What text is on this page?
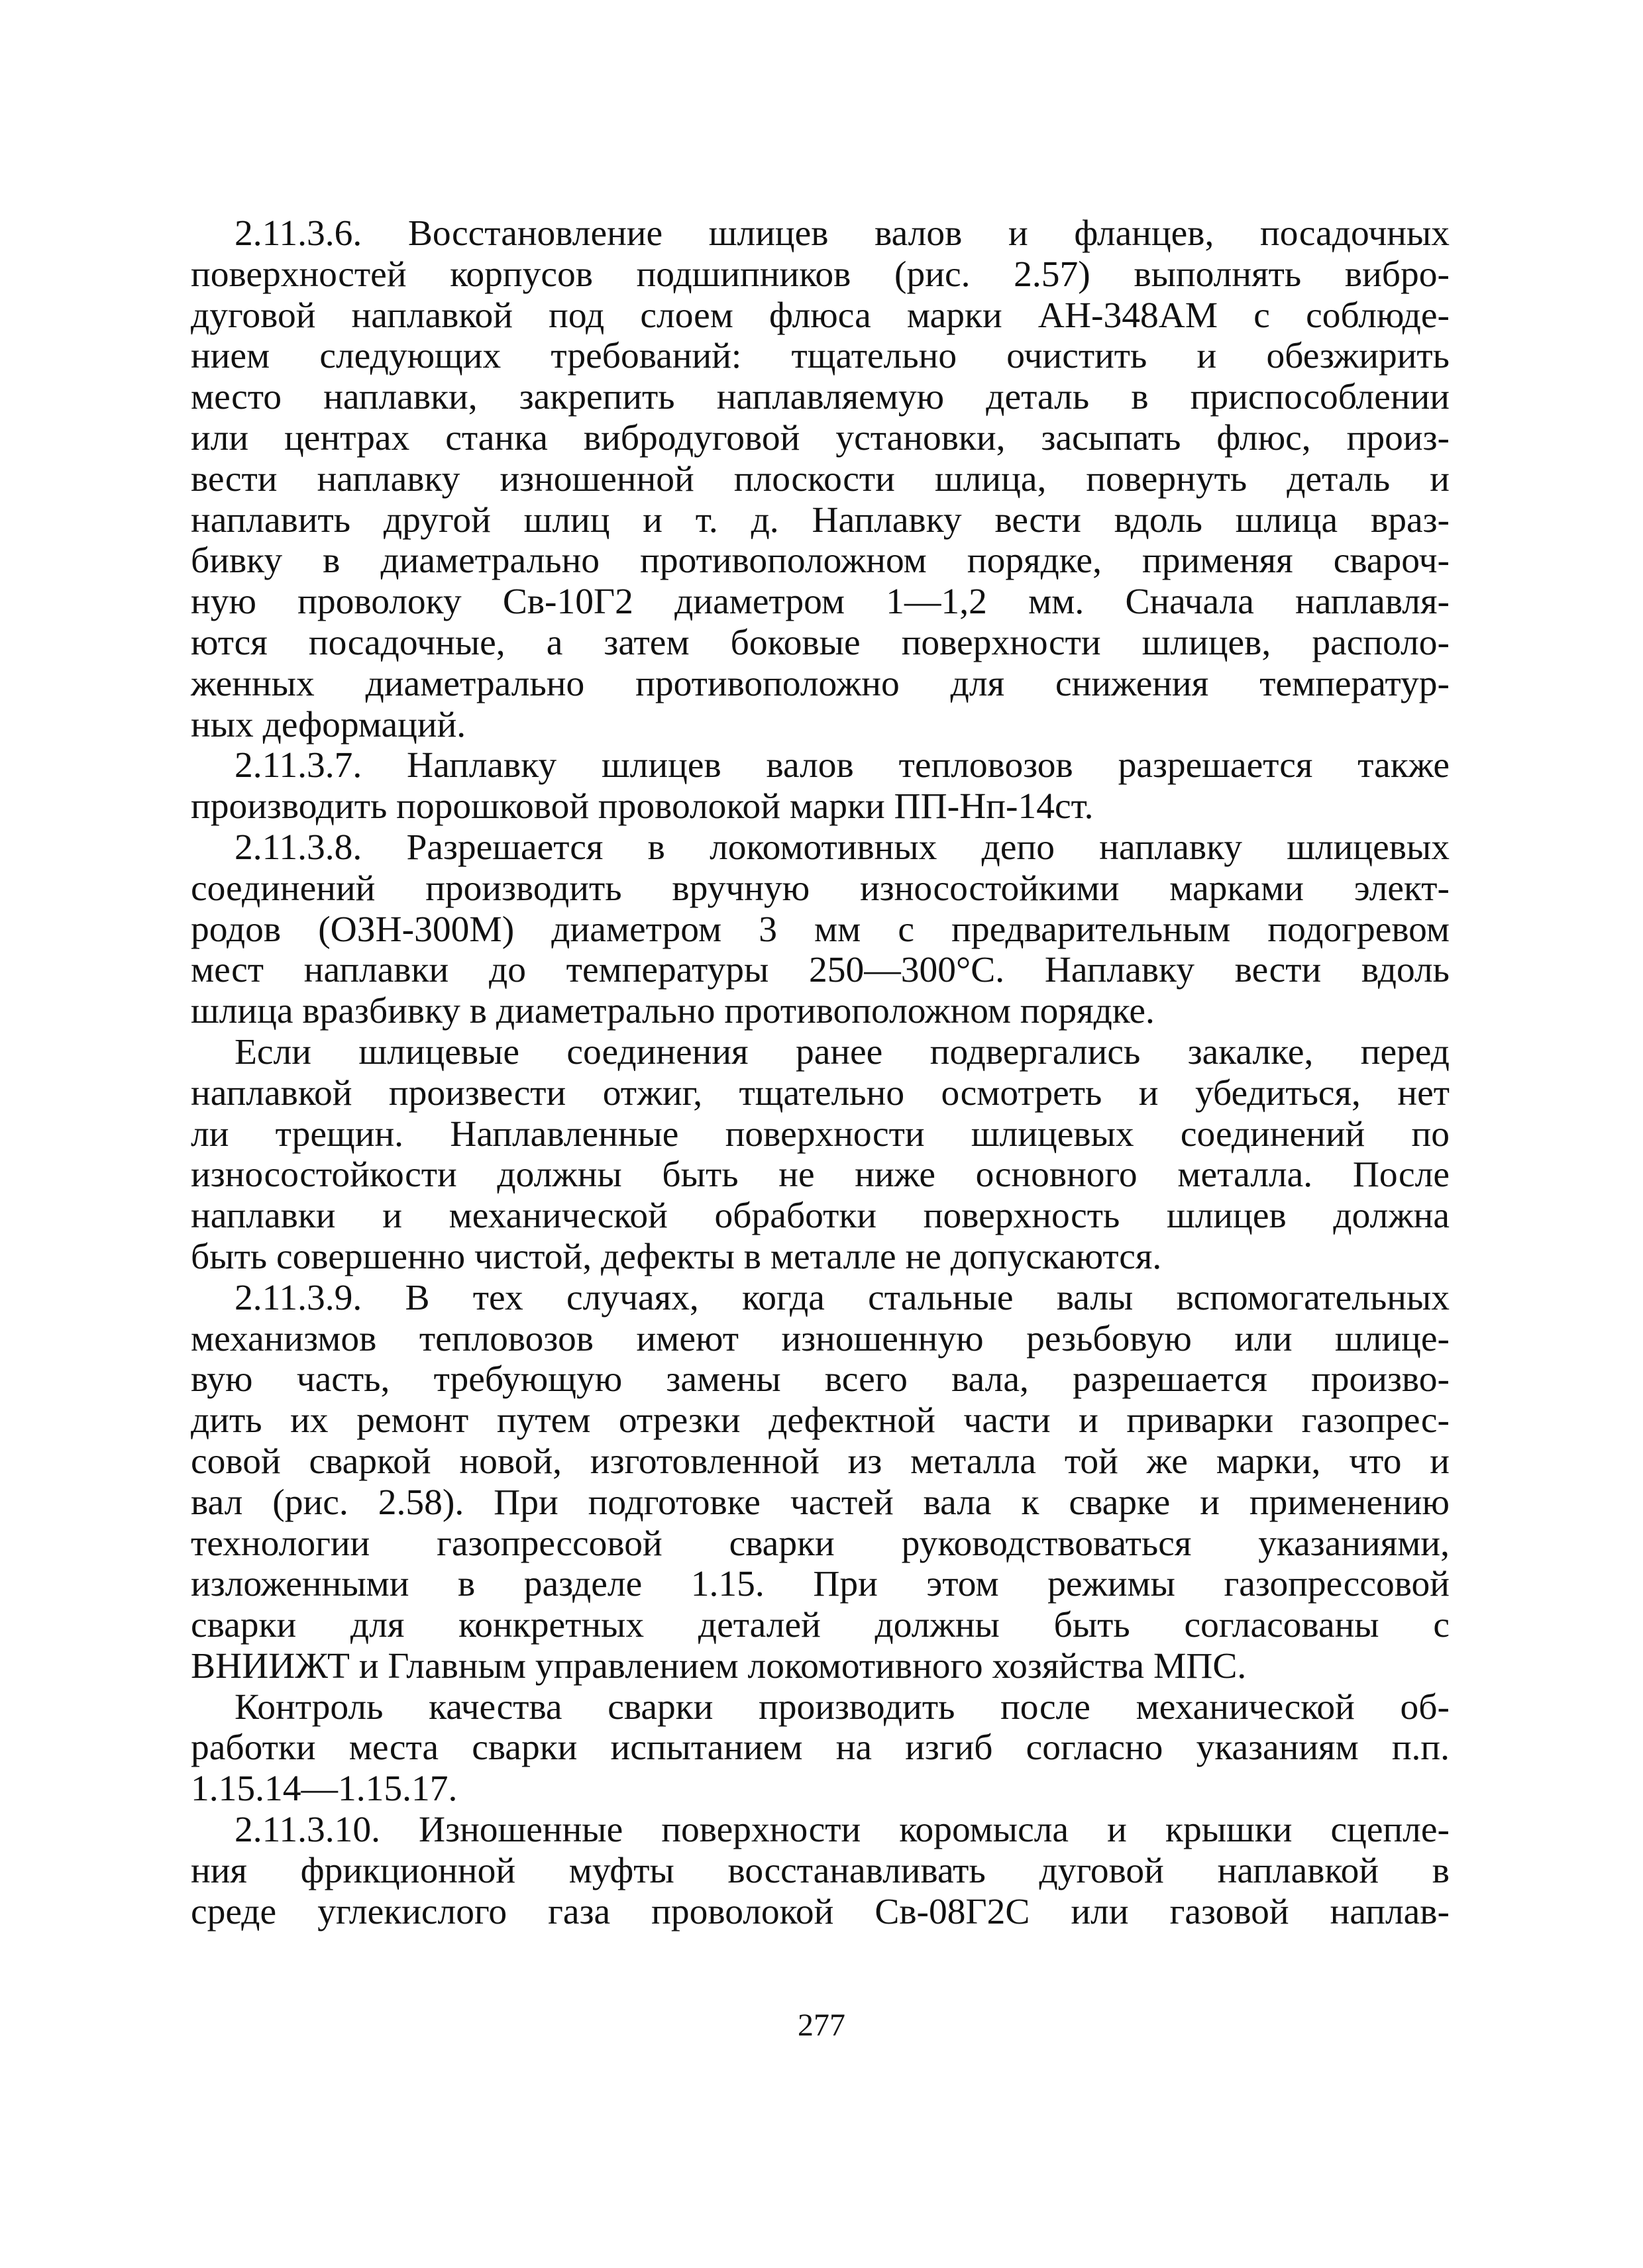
2.11.3.6. Восстановление шлицев валов и фланцев, посадочных
поверхностей корпусов подшипников (рис. 2.57) выполнять вибро-
дуговой наплавкой под слоем флюса марки АН-348АМ с соблюде-
нием следующих требований: тщательно очистить и обезжирить
место наплавки, закрепить наплавляемую деталь в приспособлении
или центрах станка вибродуговой установки, засыпать флюс, произ-
вести наплавку изношенной плоскости шлица, повернуть деталь и
наплавить другой шлиц и т. д. Наплавку вести вдоль шлица враз-
бивку в диаметрально противоположном порядке, применяя свароч-
ную проволоку Св-10Г2 диаметром 1—1,2 мм. Сначала наплавля-
ются посадочные, а затем боковые поверхности шлицев, располо-
женных диаметрально противоположно для снижения температур-
ных деформаций.

2.11.3.7. Наплавку шлицев валов тепловозов разрешается также
производить порошковой проволокой марки ПП-Нп-14ст.

2.11.3.8. Разрешается в локомотивных депо наплавку шлицевых
соединений производить вручную износостойкими марками элект-
родов (ОЗН-300М) диаметром 3 мм с предварительным подогревом
мест наплавки до температуры 250—300°С. Наплавку вести вдоль
шлица вразбивку в диаметрально противоположном порядке.

Если шлицевые соединения ранее подвергались закалке, перед
наплавкой произвести отжиг, тщательно осмотреть и убедиться, нет
ли трещин. Наплавленные поверхности шлицевых соединений по
износостойкости должны быть не ниже основного металла. После
наплавки и механической обработки поверхность шлицев должна
быть совершенно чистой, дефекты в металле не допускаются.

2.11.3.9. В тех случаях, когда стальные валы вспомогательных
механизмов тепловозов имеют изношенную резьбовую или шлице-
вую часть, требующую замены всего вала, разрешается произво-
дить их ремонт путем отрезки дефектной части и приварки газопрес-
совой сваркой новой, изготовленной из металла той же марки, что и
вал (рис. 2.58). При подготовке частей вала к сварке и применению
технологии газопрессовой сварки руководствоваться указаниями,
изложенными в разделе 1.15. При этом режимы газопрессовой
сварки для конкретных деталей должны быть согласованы с
ВНИИЖТ и Главным управлением локомотивного хозяйства МПС.

Контроль качества сварки производить после механической об-
работки места сварки испытанием на изгиб согласно указаниям п.п.
1.15.14—1.15.17.

2.11.3.10. Изношенные поверхности коромысла и крышки сцепле-
ния фрикционной муфты восстанавливать дуговой наплавкой в
среде углекислого газа проволокой Св-08Г2С или газовой наплав-

277
